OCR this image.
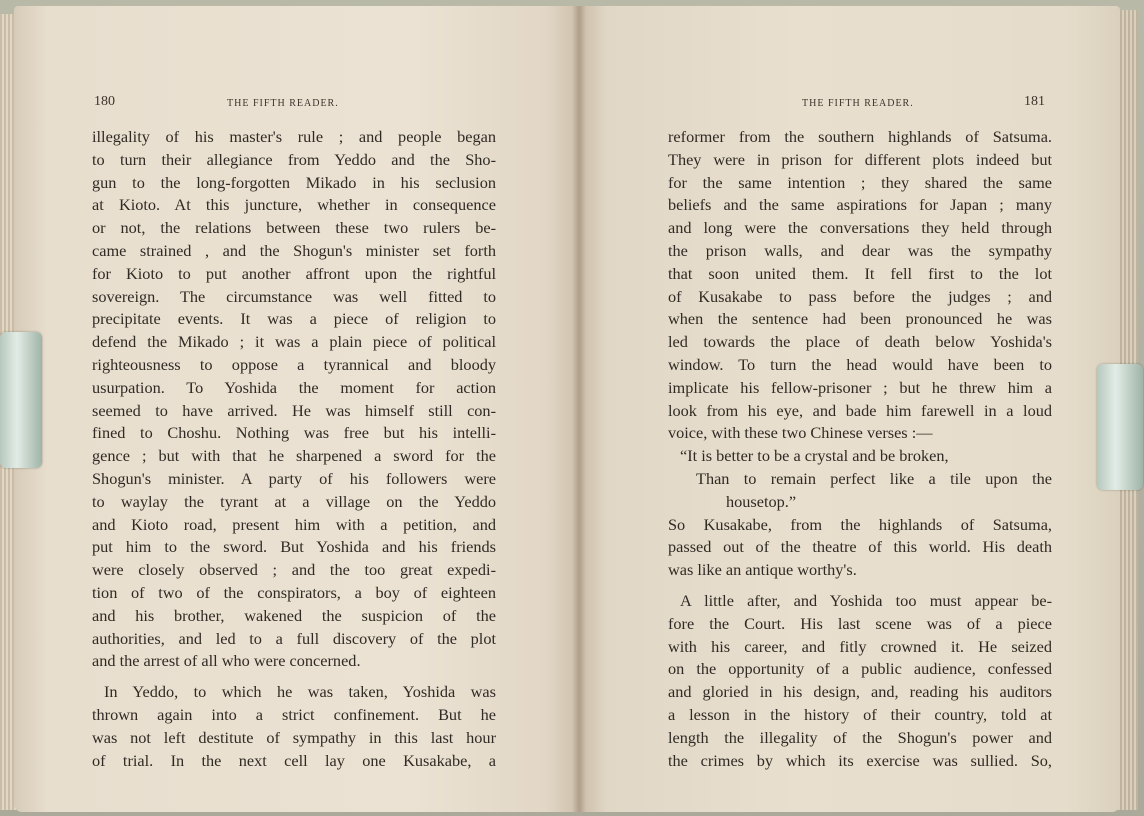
180	THE FIFTH READER.
illegality of his master's rule ; and people began
to turn their allegiance from Yeddo and the Sho-
gun to the long-forgotten Mikado in his seclusion
at Kioto. At this juncture, whether in consequence
or not, the relations between these two rulers be-
came strained , and the Shogun's minister set forth
for Kioto to put another affront upon the rightful
sovereign. The circumstance was well fitted to
precipitate events. It was a piece of religion to
defend the Mikado ; it was a plain piece of political
righteousness to oppose a tyrannical and bloody
usurpation. To Yoshida the moment for action
seemed to have arrived. He was himself still con-
fined to Choshu. Nothing was free but his intelli-
gence ; but with that he sharpened a sword for the
Shogun's minister. A party of his followers were
to waylay the tyrant at a village on the Yeddo
and Kioto road, present him with a petition, and
put him to the sword. But Yoshida and his friends
were closely observed ; and the too great expedi-
tion of two of the conspirators, a boy of eighteen
and his brother, wakened the suspicion of the
authorities, and led to a full discovery of the plot
and the arrest of all who were concerned.
In Yeddo, to which he was taken, Yoshida was
thrown again into a strict confinement. But he
was not left destitute of sympathy in this last hour
of trial. In the next cell lay one Kusakabe, a
THE FIFTH READER.	181
reformer from the southern highlands of Satsuma.
They were in prison for different plots indeed but
for the same intention ; they shared the same
beliefs and the same aspirations for Japan ; many
and long were the conversations they held through
the prison walls, and dear was the sympathy
that soon united them. It fell first to the lot
of Kusakabe to pass before the judges ; and
when the sentence had been pronounced he was
led towards the place of death below Yoshida's
window. To turn the head would have been to
implicate his fellow-prisoner ; but he threw him a
look from his eye, and bade him farewell in a loud
voice, with these two Chinese verses :—
“It is better to be a crystal and be broken,
Than to remain perfect like a tile upon the
housetop.”
So Kusakabe, from the highlands of Satsuma,
passed out of the theatre of this world. His death
was like an antique worthy's.
A little after, and Yoshida too must appear be-
fore the Court. His last scene was of a piece
with his career, and fitly crowned it. He seized
on the opportunity of a public audience, confessed
and gloried in his design, and, reading his auditors
a lesson in the history of their country, told at
length the illegality of the Shogun's power and
the crimes by which its exercise was sullied. So,
